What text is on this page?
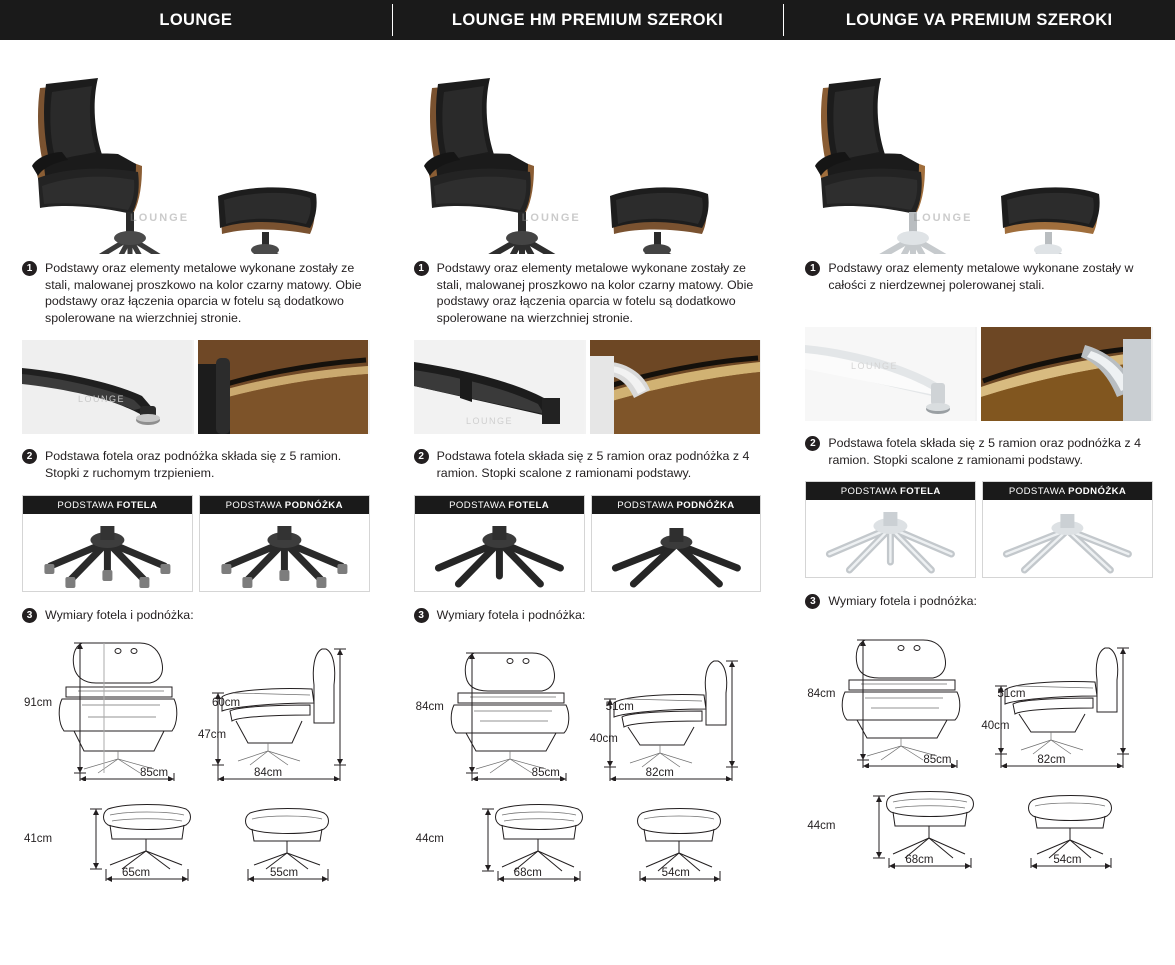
LOUNGE	LOUNGE HM PREMIUM SZEROKI	LOUNGE VA PREMIUM SZEROKI
LOUNGE
1	Podstawy oraz elementy metalowe wykonane zostały ze stali, malowanej proszkowo na kolor czarny matowy. Obie podstawy oraz łączenia oparcia w fotelu są dodatkowo spolerowane na wierzchniej stronie.

LOUNGE
2	Podstawa fotela oraz podnóżka składa się z 5 ramion. Stopki z ruchomym trzpieniem.

PODSTAWA FOTELA	PODSTAWA PODNÓŻKA
3	Wymiary fotela i podnóżka:

91cm
85cm
60cm
47cm
84cm
41cm
65cm	55cm
LOUNGE
1	Podstawy oraz elementy metalowe wykonane zostały ze stali, malowanej proszkowo na kolor czarny matowy. Obie podstawy oraz łączenia oparcia w fotelu są dodatkowo spolerowane na wierzchniej stronie.

LOUNGE
2	Podstawa fotela składa się z 5 ramion oraz podnóżka z 4 ramion. Stopki scalone z ramionami podstawy.

PODSTAWA FOTELA	PODSTAWA PODNÓŻKA
3	Wymiary fotela i podnóżka:

84cm
85cm
51cm
40cm
82cm
44cm
68cm	54cm
LOUNGE
1	Podstawy oraz elementy metalowe wykonane zostały w całości z nierdzewnej polerowanej stali.

LOUNGE
2	Podstawa fotela składa się z 5 ramion oraz podnóżka z 4 ramion. Stopki scalone z ramionami podstawy.

PODSTAWA FOTELA	PODSTAWA PODNÓŻKA
3	Wymiary fotela i podnóżka:

84cm
85cm
51cm
40cm
82cm
44cm
68cm	54cm
